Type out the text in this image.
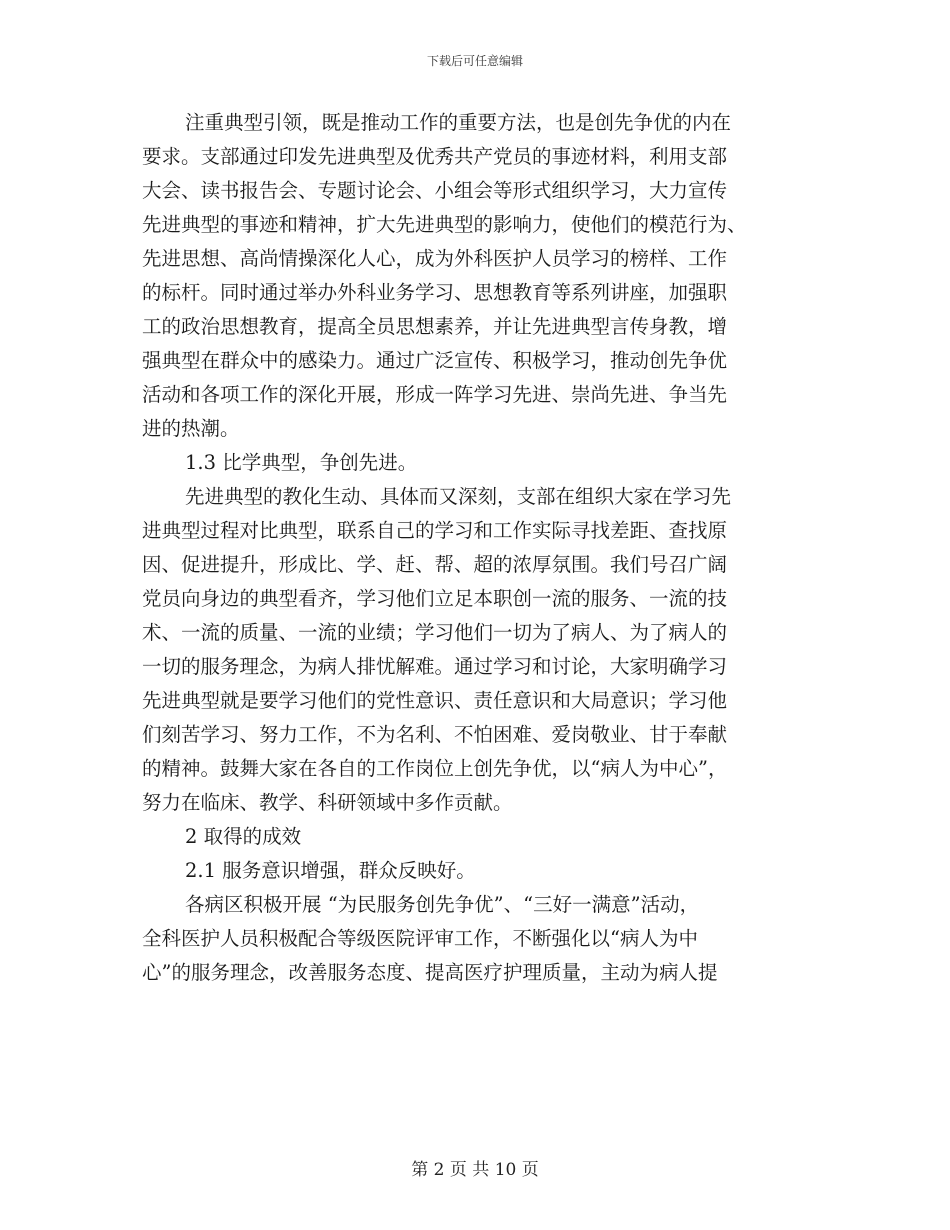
下载后可任意编辑
注重典型引领，既是推动工作的重要方法，也是创先争优的内在
要求。支部通过印发先进典型及优秀共产党员的事迹材料，利用支部
大会、读书报告会、专题讨论会、小组会等形式组织学习，大力宣传
先进典型的事迹和精神，扩大先进典型的影响力，使他们的模范行为、
先进思想、高尚情操深化人心，成为外科医护人员学习的榜样、工作
的标杆。同时通过举办外科业务学习、思想教育等系列讲座，加强职
工的政治思想教育，提高全员思想素养，并让先进典型言传身教，增
强典型在群众中的感染力。通过广泛宣传、积极学习，推动创先争优
活动和各项工作的深化开展，形成一阵学习先进、崇尚先进、争当先
进的热潮。
1.3 比学典型，争创先进。
先进典型的教化生动、具体而又深刻，支部在组织大家在学习先
进典型过程对比典型，联系自己的学习和工作实际寻找差距、查找原
因、促进提升，形成比、学、赶、帮、超的浓厚氛围。我们号召广阔
党员向身边的典型看齐，学习他们立足本职创一流的服务、一流的技
术、一流的质量、一流的业绩；学习他们一切为了病人、为了病人的
一切的服务理念，为病人排忧解难。通过学习和讨论，大家明确学习
先进典型就是要学习他们的党性意识、责任意识和大局意识；学习他
们刻苦学习、努力工作，不为名利、不怕困难、爱岗敬业、甘于奉献
的精神。鼓舞大家在各自的工作岗位上创先争优，以“病人为中心”，
努力在临床、教学、科研领域中多作贡献。
2 取得的成效
2.1 服务意识增强，群众反映好。
各病区积极开展 “为民服务创先争优”、“三好一满意”活动，
全科医护人员积极配合等级医院评审工作，不断强化以“病人为中
心”的服务理念，改善服务态度、提高医疗护理质量，主动为病人提
第 2 页 共 10 页
